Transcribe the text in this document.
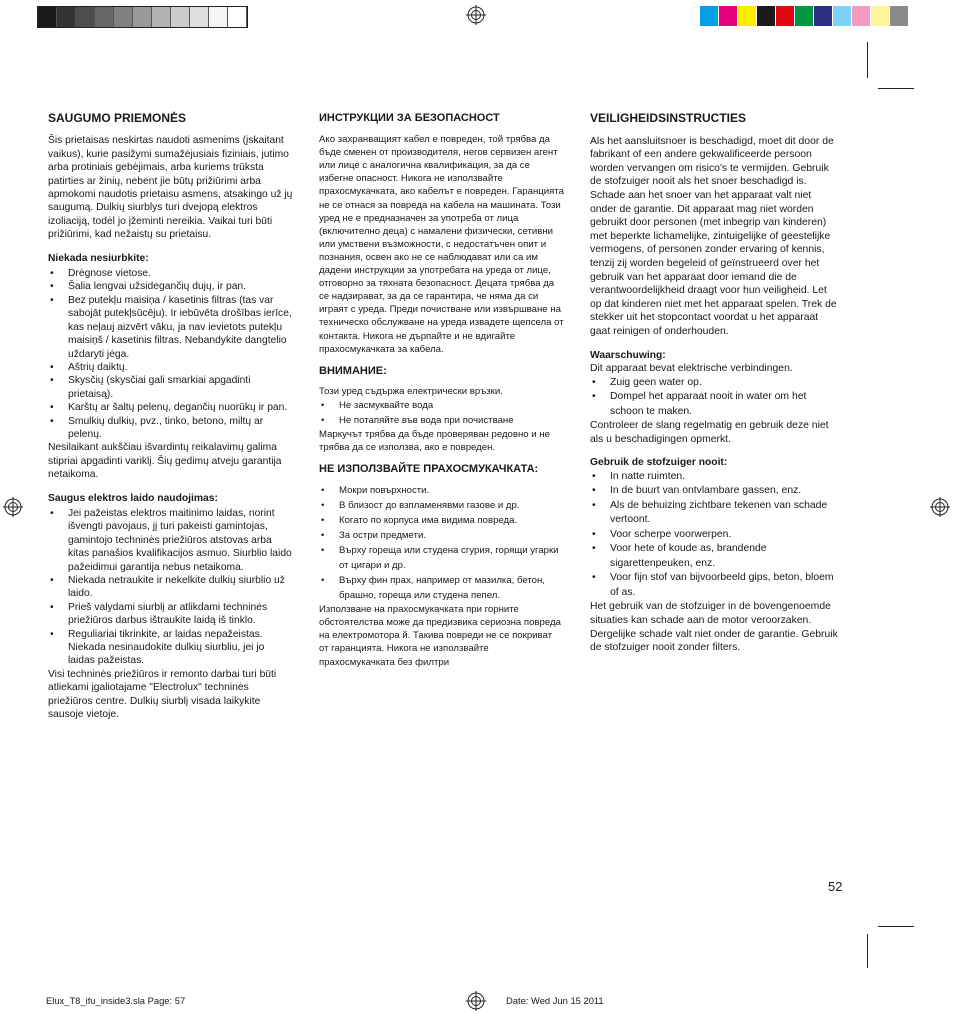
SAUGUMO PRIEMONĖS

Šis prietaisas neskirtas naudoti asmenims (įskaitant vaikus), kurie pasižymi sumažėjusiais fiziniais, jutimo arba protiniais gebėjimais, arba kuriems trūksta patirties ar žinių, nebent jie būtų prižiūrimi arba apmokomi naudotis prietaisu asmens, atsakingo už jų saugumą. Dulkių siurblys turi dvejopą elektros izoliaciją, todėl jo įžeminti nereikia. Vaikai turi būti prižiūrimi, kad nežaistų su prietaisu.

Niekada nesiurbkite:
• Drėgnose vietose.
• Šalia lengvai užsidegančių dujų, ir pan.
• Bez putekļu maisiņa / kasetinis filtras (tas var sabojāt putekļsūcēju). Ir iebūvēta drošības ierīce, kas neļauj aizvērt vāku, ja nav ievietots putekļu maisiņš / kasetinis filtras. Nebandykite dangtelio uždaryti jėga.
• Aštrių daiktų.
• Skysčių (skysčiai gali smarkiai apgadinti prietaisą).
• Karštų ar šaltų pelenų, degančių nuorūkų ir pan.
• Smulkių dulkių, pvz., tinko, betono, miltų ar pelenų.

Nesilaikant aukščiau išvardintų reikalavimų galima stipriai apgadinti variklį. Šių gedimų atveju garantija netaikoma.

Saugus elektros laido naudojimas:
• Jei pažeistas elektros maitinimo laidas, norint išvengti pavojaus, jį turi pakeisti gamintojas, gamintojo techninės priežiūros atstovas arba kitas panašios kvalifikacijos asmuo. Siurblio laido pažeidimui garantija nebus netaikoma.
• Niekada netraukite ir nekelkite dulkių siurblio už laido.
• Prieš valydami siurblį ar atlikdami techninės priežiūros darbus ištraukite laidą iš tinklo.
• Reguliariai tikrinkite, ar laidas nepažeistas. Niekada nesinaudokite dulkių siurbliu, jei jo laidas pažeistas.

Visi techninės priežiūros ir remonto darbai turi būti atliekami įgaliotajame "Electrolux" techninės priežiūros centre. Dulkių siurblį visada laikykite sausoje vietoje.

ИНСТРУКЦИИ ЗА БЕЗОПАСНОСТ

Ако захранващият кабел е повреден, той трябва да бъде сменен от производителя, негов сервизен агент или лице с аналогична квалификация, за да се избегне опасност. Никога не използвайте прахосмукачката, ако кабелът е повреден. Гаранцията не се отнася за повреда на кабела на машината. Този уред не е предназначен за употреба от лица (включително деца) с намалени физически, сетивни или умствени възможности, с недостатъчен опит и познания, освен ако не се наблюдават или са им дадени инструкции за употребата на уреда от лице, отговорно за тяхната безопасност. Децата трябва да се надзирават, за да се гарантира, че няма да си играят с уреда. Преди почистване или извършване на техническо обслужване на уреда извадете щепсела от контакта. Никога не дърпайте и не вдигайте прахосмукачката за кабела.

ВНИМАНИЕ:

Този уред съдържа електрически връзки.

• Не засмуквайте вода
• Не потапяйте във вода при почистване

Маркучът трябва да бъде проверяван редовно и не трябва да се използва, ако е повреден.

НЕ ИЗПОЛЗВАЙТЕ ПРАХОСМУКАЧКАТА:
• Мокри повърхности.
• В близост до взпламенявми газове и др.
• Когато по корпуса има видима повреда.
• За остри предмети.
• Върху гореща или студена сгурия, горящи угарки от цигари и др.
• Върху фин прах, например от мазилка, бетон, брашно, гореща или студена пепел.

Използване на прахосмукачката при горните обстоятелства може да предизвика сериозна повреда на електромотора й. Такива повреди не се покриват от гаранцията. Никога не използвайте прахосмукачката без филтри

VEILIGHEIDSINSTRUCTIES

Als het aansluitsnoer is beschadigd, moet dit door de fabrikant of een andere gekwalificeerde persoon worden vervangen om risico's te vermijden. Gebruik de stofzuiger nooit als het snoer beschadigd is. Schade aan het snoer van het apparaat valt niet onder de garantie. Dit apparaat mag niet worden gebruikt door personen (met inbegrip van kinderen) met beperkte lichamelijke, zintuigelijke of geestelijke vermogens, of personen zonder ervaring of kennis, tenzij zij worden begeleid of geïnstrueerd over het gebruik van het apparaat door iemand die de verantwoordelijkheid draagt voor hun veiligheid. Let op dat kinderen niet met het apparaat spelen. Trek de stekker uit het stopcontact voordat u het apparaat gaat reinigen of onderhouden.

Waarschuwing:

Dit apparaat bevat elektrische verbindingen.

• Zuig geen water op.
• Dompel het apparaat nooit in water om het schoon te maken.

Controleer de slang regelmatig en gebruik deze niet als u beschadigingen opmerkt.

Gebruik de stofzuiger nooit:
• In natte ruimten.
• In de buurt van ontvlambare gassen, enz.
• Als de behuizing zichtbare tekenen van schade vertoont.
• Voor scherpe voorwerpen.
• Voor hete of koude as, brandende sigarettenpeuken, enz.
• Voor fijn stof van bijvoorbeeld gips, beton, bloem of as.

Het gebruik van de stofzuiger in de bovengenoemde situaties kan schade aan de motor veroorzaken. Dergelijke schade valt niet onder de garantie. Gebruik de stofzuiger nooit zonder filters.

52
Elux_T8_ifu_inside3.sla Page: 57	Date: Wed Jun 15 2011
